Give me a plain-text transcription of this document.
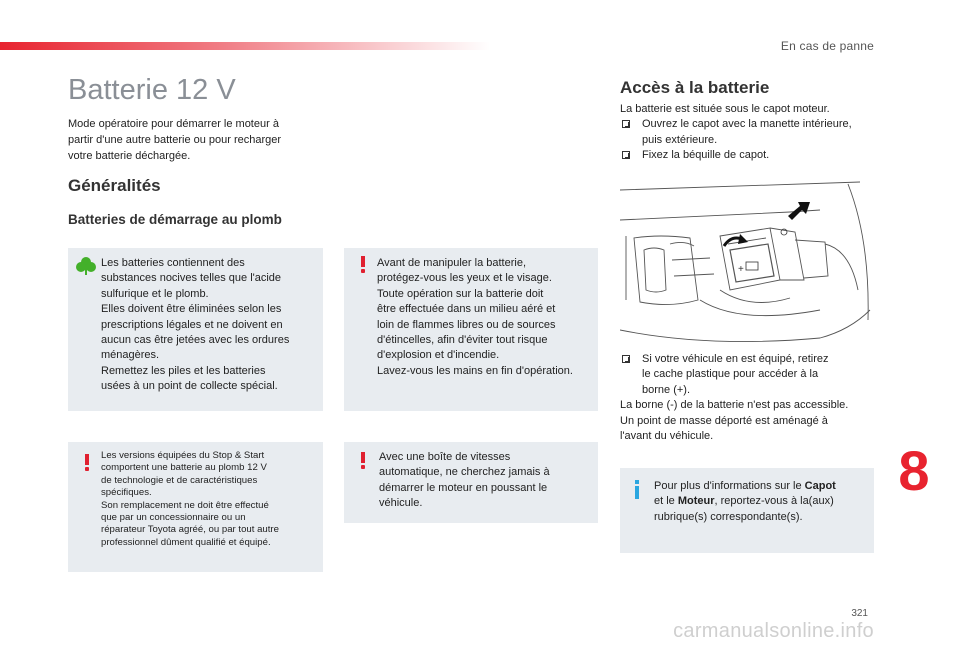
En cas de panne
Batterie 12 V
Mode opératoire pour démarrer le moteur à
partir d'une autre batterie ou pour recharger
votre batterie déchargée.
Généralités
Batteries de démarrage au plomb
Les batteries contiennent des
substances nocives telles que l'acide
sulfurique et le plomb.
Elles doivent être éliminées selon les
prescriptions légales et ne doivent en
aucun cas être jetées avec les ordures
ménagères.
Remettez les piles et les batteries
usées à un point de collecte spécial.
Les versions équipées du Stop & Start
comportent une batterie au plomb 12 V
de technologie et de caractéristiques
spécifiques.
Son remplacement ne doit être effectué
que par un concessionnaire ou un
réparateur Toyota agréé, ou par tout autre
professionnel dûment qualifié et équipé.
Avant de manipuler la batterie,
protégez-vous les yeux et le visage.
Toute opération sur la batterie doit
être effectuée dans un milieu aéré et
loin de flammes libres ou de sources
d'étincelles, afin d'éviter tout risque
d'explosion et d'incendie.
Lavez-vous les mains en fin d'opération.
Avec une boîte de vitesses
automatique, ne cherchez jamais à
démarrer le moteur en poussant le
véhicule.
Accès à la batterie
La batterie est située sous le capot moteur.
Ouvrez le capot avec la manette intérieure,
puis extérieure.
Fixez la béquille de capot.
+
Si votre véhicule en est équipé, retirez
le cache plastique pour accéder à la
borne (+).
La borne (-) de la batterie n'est pas accessible.
Un point de masse déporté est aménagé à
l'avant du véhicule.
Pour plus d'informations sur le Capot
et le Moteur, reportez-vous à la(aux)
rubrique(s) correspondante(s).
8
321
carmanualsonline.info
